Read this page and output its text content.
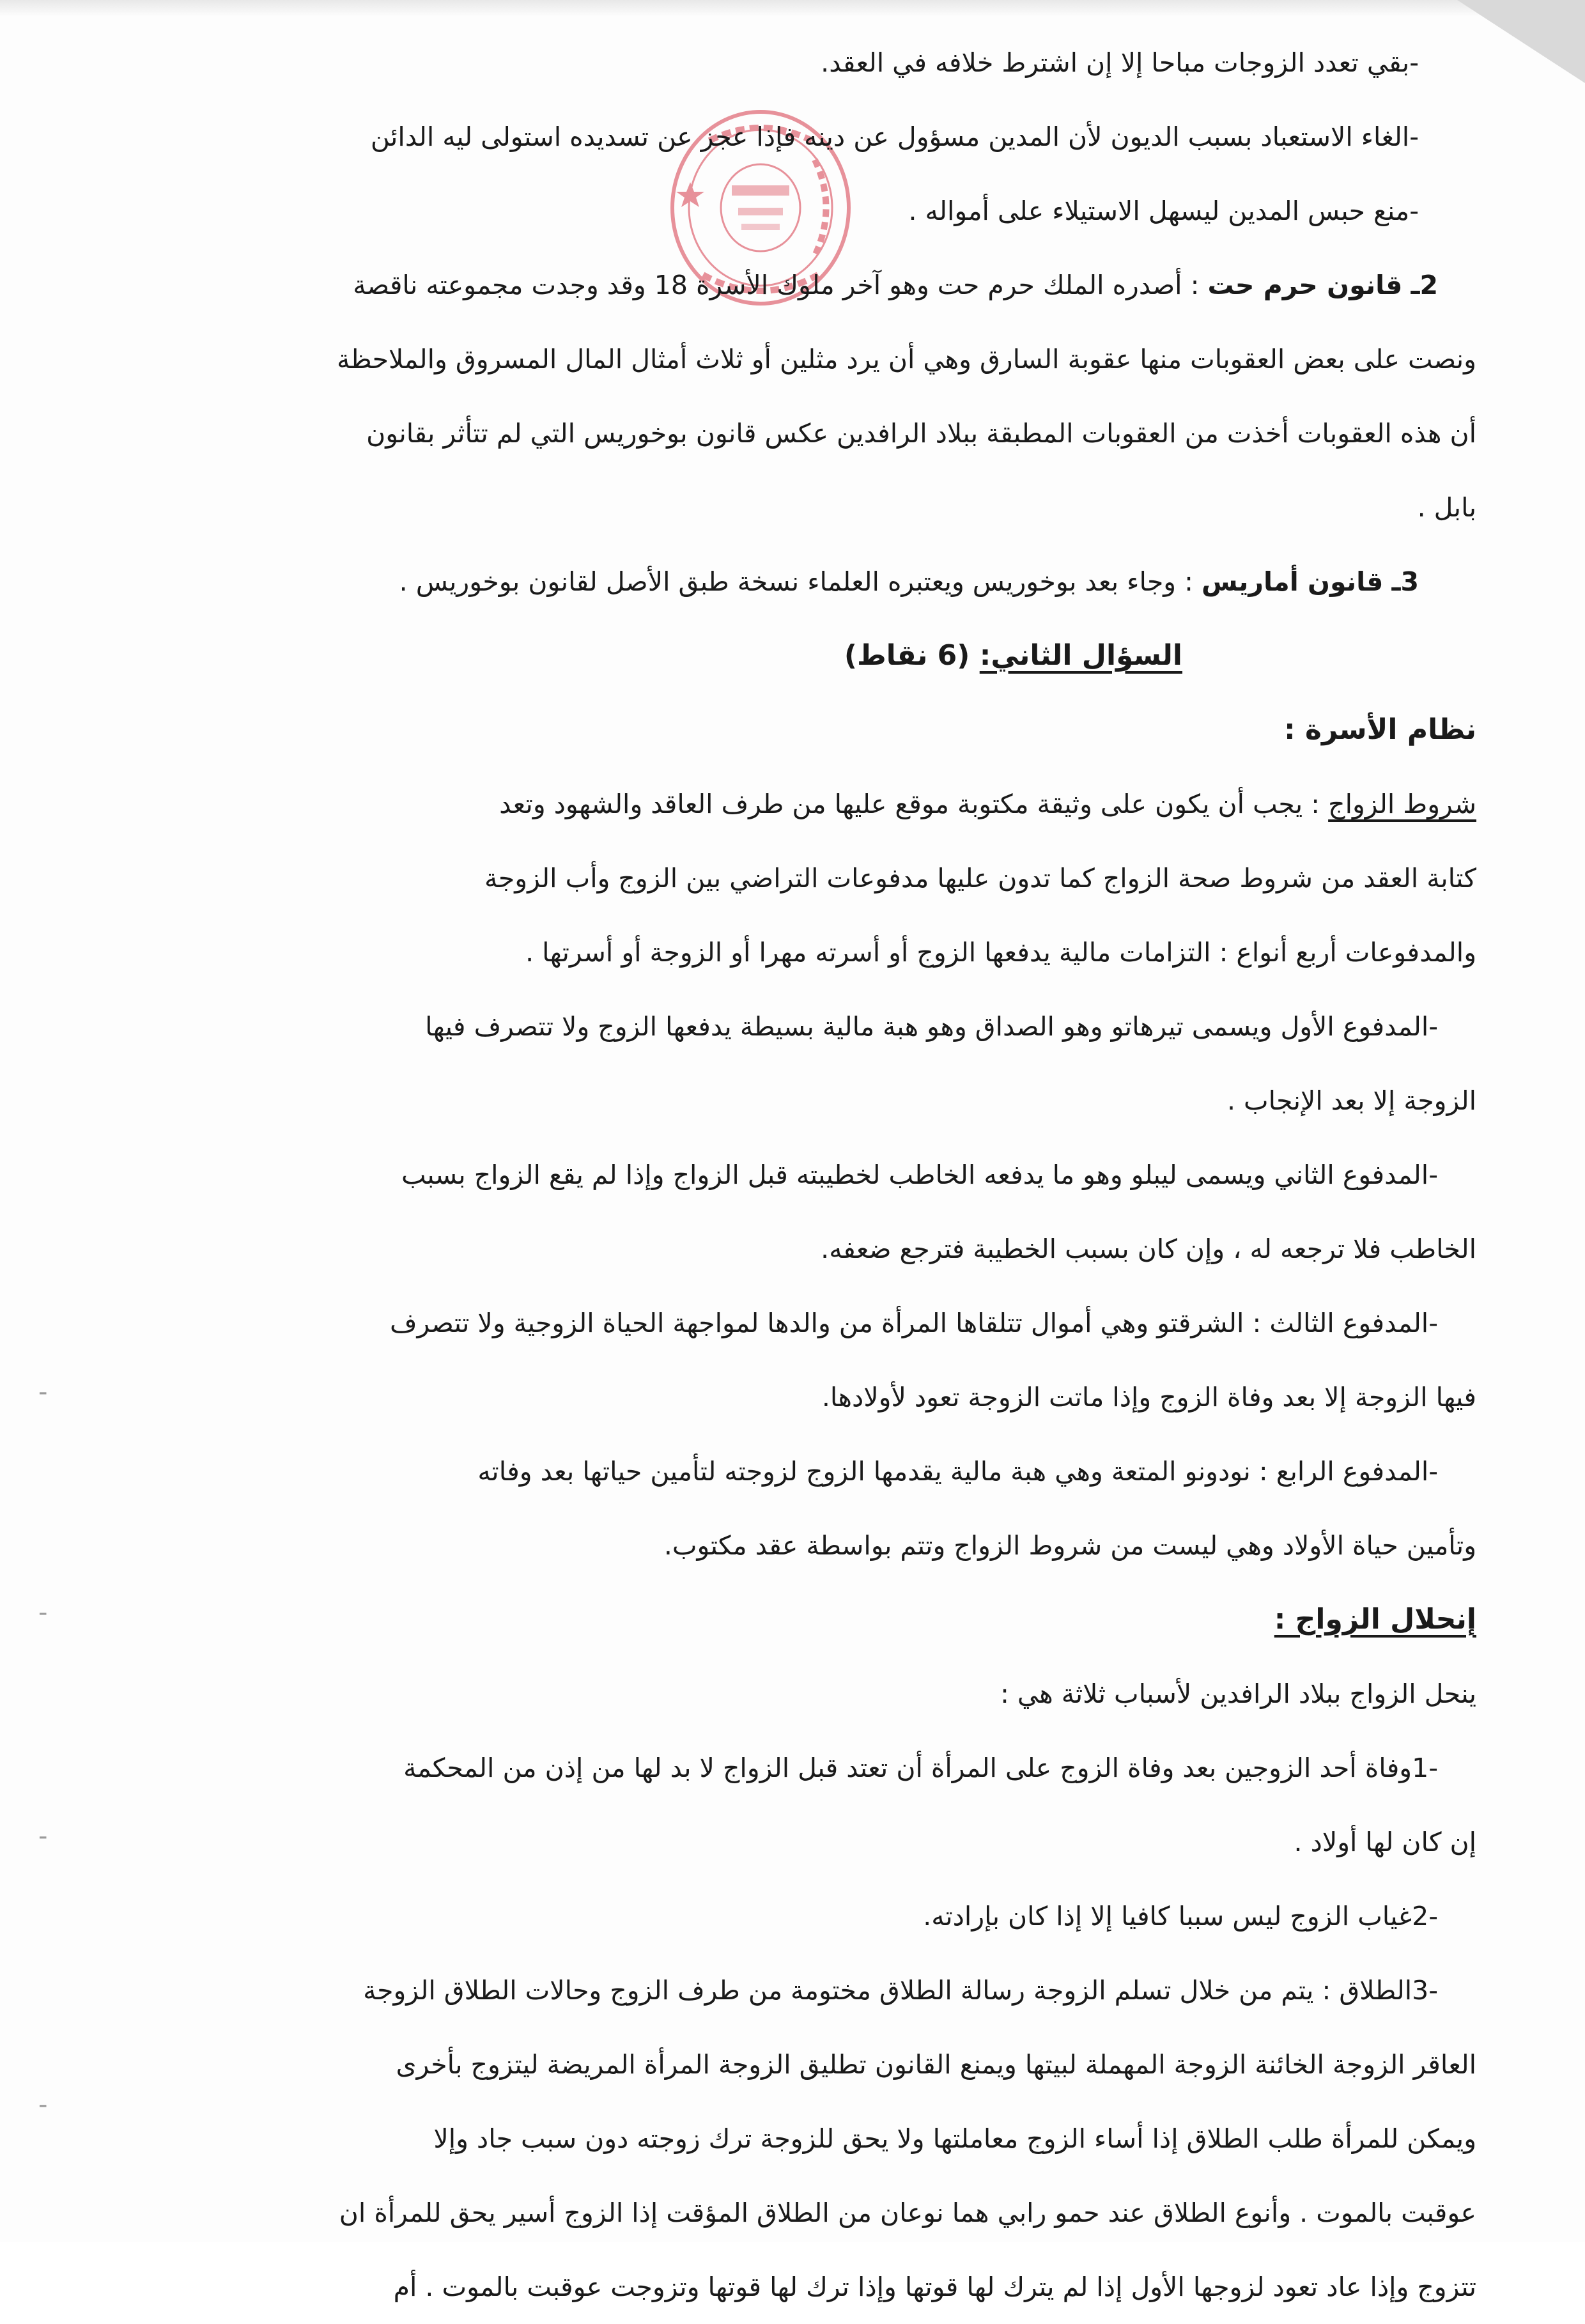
-
-
-
-

-بقي تعدد الزوجات مباحا إلا إن اشترط خلافه في العقد.

-الغاء الاستعباد بسبب الديون لأن المدين مسؤول عن دينه فإذا عجز عن تسديده استولى ليه الدائن

-منع حبس المدين ليسهل الاستيلاء على أمواله .

2ـ قانون حرم حت : أصدره الملك حرم حت وهو آخر ملوك الأسرة 18 وقد وجدت مجموعته ناقصة

ونصت على بعض العقوبات منها عقوبة السارق وهي أن يرد مثلين أو ثلاث أمثال المال المسروق والملاحظة

أن هذه العقوبات أخذت من العقوبات المطبقة ببلاد الرافدين عكس قانون بوخوريس التي لم تتأثر بقانون

بابل .

3ـ قانون أماريس : وجاء بعد بوخوريس ويعتبره العلماء نسخة طبق الأصل لقانون بوخوريس .

السؤال الثاني: (6 نقاط)

نظام الأسرة :

شروط الزواج : يجب أن يكون على وثيقة مكتوبة موقع عليها من طرف العاقد والشهود وتعد

كتابة العقد من شروط صحة الزواج كما تدون عليها مدفوعات التراضي بين الزوج وأب الزوجة

والمدفوعات أربع أنواع : التزامات مالية يدفعها الزوج أو أسرته مهرا أو الزوجة أو أسرتها .

-المدفوع الأول ويسمى تيرهاتو وهو الصداق وهو هبة مالية بسيطة يدفعها الزوج ولا تتصرف فيها

الزوجة إلا بعد الإنجاب .

-المدفوع الثاني ويسمى ليبلو وهو ما يدفعه الخاطب لخطيبته قبل الزواج وإذا لم يقع الزواج بسبب

الخاطب فلا ترجعه له ، وإن كان بسبب الخطيبة فترجع ضعفه.

-المدفوع الثالث : الشرقتو وهي أموال تتلقاها المرأة من والدها لمواجهة الحياة الزوجية ولا تتصرف

فيها الزوجة إلا بعد وفاة الزوج وإذا ماتت الزوجة تعود لأولادها.

-المدفوع الرابع : نودونو المتعة وهي هبة مالية يقدمها الزوج لزوجته لتأمين حياتها بعد وفاته

وتأمين حياة الأولاد وهي ليست من شروط الزواج وتتم بواسطة عقد مكتوب.

إنحلال الزواج :

ينحل الزواج ببلاد الرافدين لأسباب ثلاثة هي :

-1وفاة أحد الزوجين بعد وفاة الزوج على المرأة أن تعتد قبل الزواج لا بد لها من إذن من المحكمة

إن كان لها أولاد .

-2غياب الزوج ليس سببا كافيا إلا إذا كان بإرادته.

-3الطلاق : يتم من خلال تسلم الزوجة رسالة الطلاق مختومة من طرف الزوج وحالات الطلاق الزوجة

العاقر الزوجة الخائنة الزوجة المهملة لبيتها ويمنع القانون تطليق الزوجة المرأة المريضة ليتزوج بأخرى

ويمكن للمرأة طلب الطلاق إذا أساء الزوج معاملتها ولا يحق للزوجة ترك زوجته دون سبب جاد وإلا

عوقبت بالموت . وأنوع الطلاق عند حمو رابي هما نوعان من الطلاق المؤقت إذا الزوج أسير يحق للمرأة ان

تتزوج وإذا عاد تعود لزوجها الأول إذا لم يترك لها قوتها وإذا ترك لها قوتها وتزوجت عوقبت بالموت . أم
